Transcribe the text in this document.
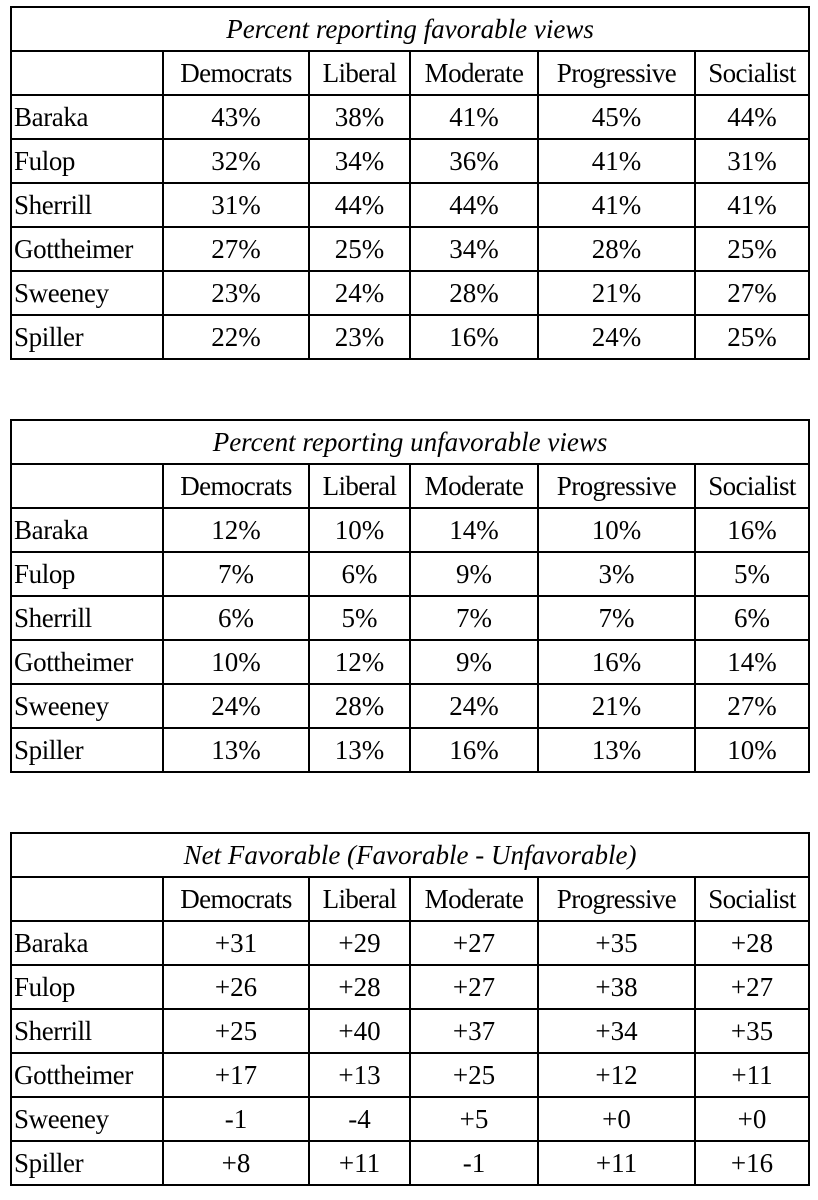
Percent reporting favorable views					
	Democrats	Liberal	Moderate	Progressive	Socialist
Baraka	43%	38%	41%	45%	44%
Fulop	32%	34%	36%	41%	31%
Sherrill	31%	44%	44%	41%	41%
Gottheimer	27%	25%	34%	28%	25%
Sweeney	23%	24%	28%	21%	27%
Spiller	22%	23%	16%	24%	25%
Percent reporting unfavorable views					
	Democrats	Liberal	Moderate	Progressive	Socialist
Baraka	12%	10%	14%	10%	16%
Fulop	7%	6%	9%	3%	5%
Sherrill	6%	5%	7%	7%	6%
Gottheimer	10%	12%	9%	16%	14%
Sweeney	24%	28%	24%	21%	27%
Spiller	13%	13%	16%	13%	10%
Net Favorable (Favorable - Unfavorable)					
	Democrats	Liberal	Moderate	Progressive	Socialist
Baraka	+31	+29	+27	+35	+28
Fulop	+26	+28	+27	+38	+27
Sherrill	+25	+40	+37	+34	+35
Gottheimer	+17	+13	+25	+12	+11
Sweeney	-1	-4	+5	+0	+0
Spiller	+8	+11	-1	+11	+16
